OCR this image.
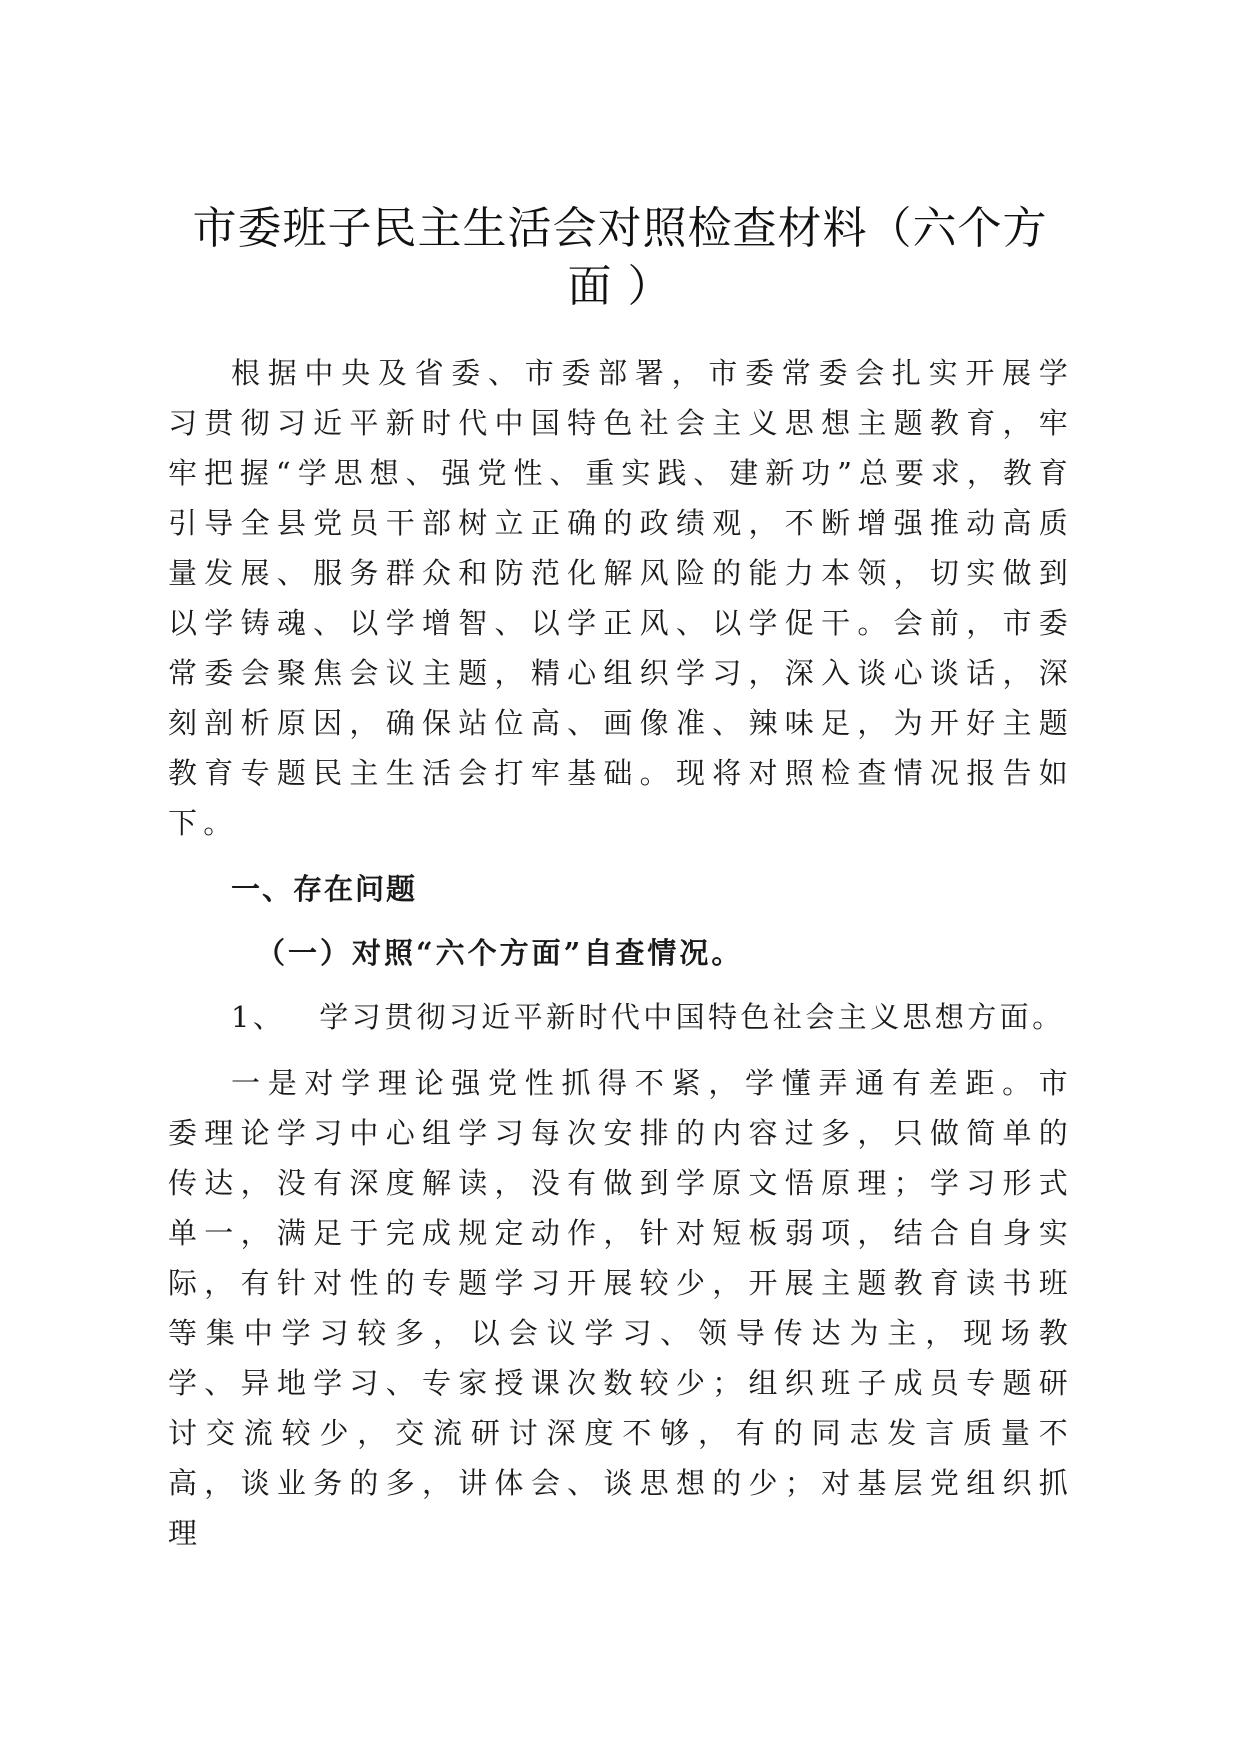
市委班子民主生活会对照检查材料（六个方
面 ）

根据中央及省委、市委部署，市委常委会扎实开展学习贯彻习近平新时代中国特色社会主义思想主题教育，牢牢把握“学思想、强党性、重实践、建新功”总要求，教育引导全县党员干部树立正确的政绩观，不断增强推动高质量发展、服务群众和防范化解风险的能力本领，切实做到以学铸魂、以学增智、以学正风、以学促干。会前，市委常委会聚焦会议主题，精心组织学习，深入谈心谈话，深刻剖析原因，确保站位高、画像准、辣味足，为开好主题教育专题民主生活会打牢基础。现将对照检查情况报告如下。

一、存在问题

（一）对照“六个方面”自查情况。

1、 学习贯彻习近平新时代中国特色社会主义思想方面。

一是对学理论强党性抓得不紧，学懂弄通有差距。市委理论学习中心组学习每次安排的内容过多，只做简单的传达，没有深度解读，没有做到学原文悟原理；学习形式单一，满足于完成规定动作，针对短板弱项，结合自身实际，有针对性的专题学习开展较少，开展主题教育读书班等集中学习较多，以会议学习、领导传达为主，现场教学、异地学习、专家授课次数较少；组织班子成员专题研讨交流较少，交流研讨深度不够，有的同志发言质量不高，谈业务的多，讲体会、谈思想的少；对基层党组织抓理
